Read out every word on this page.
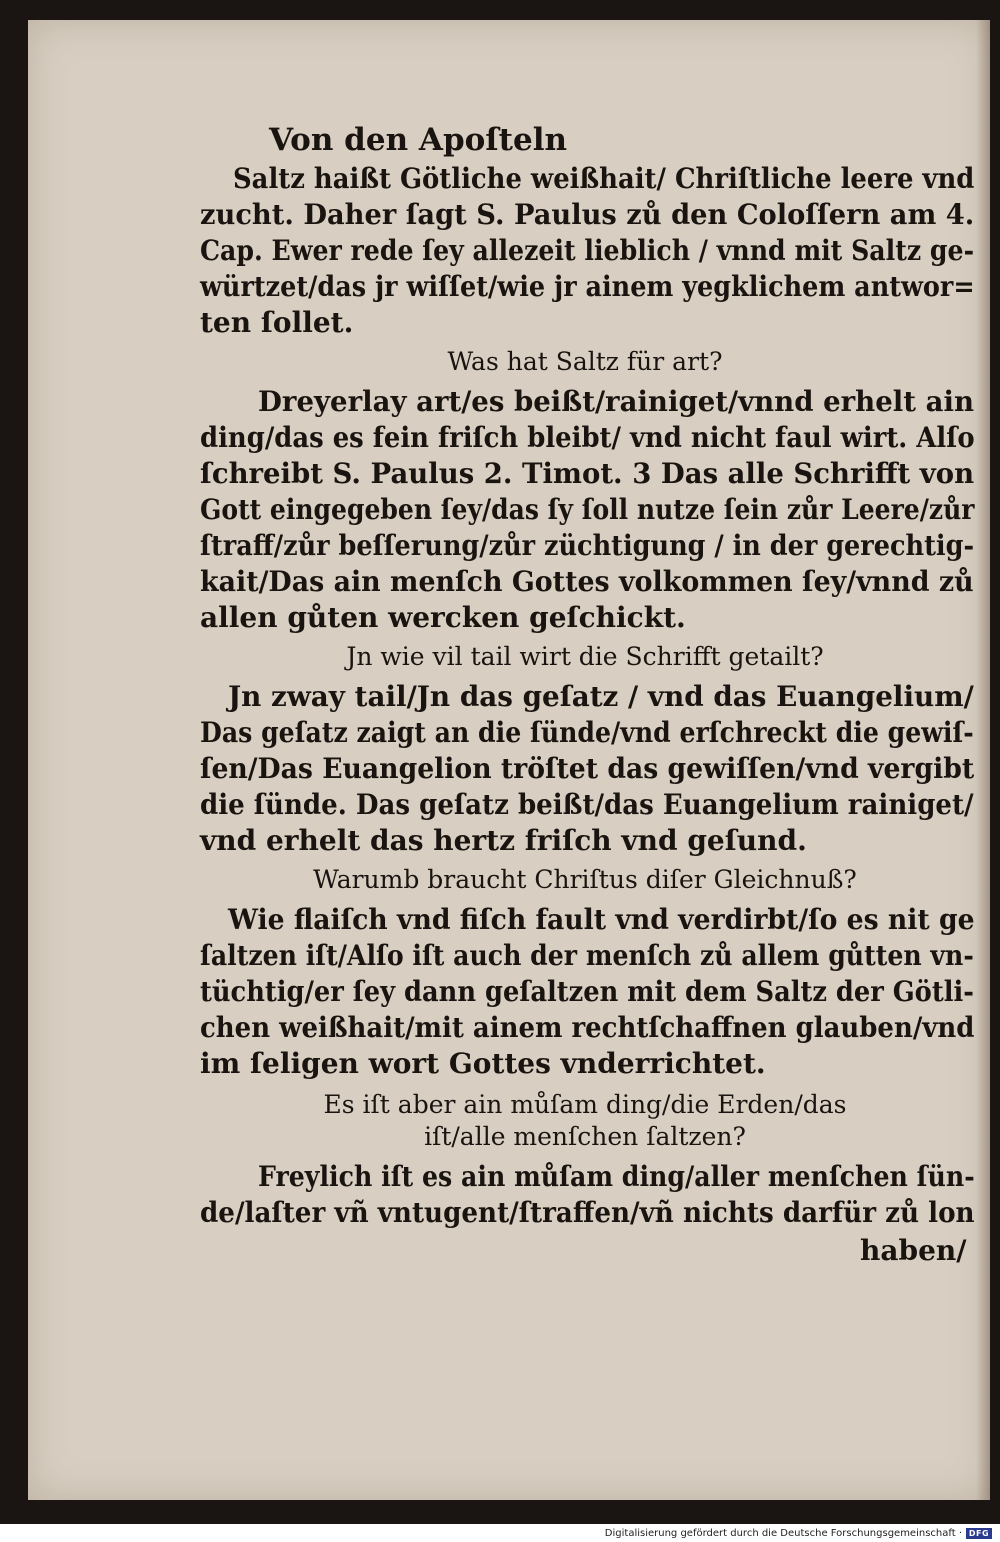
Von den Apoſteln
Saltz haißt Götliche weißhait/ Chriſtliche leere vnd
zucht. Daher ſagt S. Paulus zů den Coloſſern am 4.
Cap. Ewer rede ſey allezeit lieblich / vnnd mit Saltz ge-
würtzet/das jr wiſſet/wie jr ainem yegklichem antwor=
ten ſollet.
Was hat Saltz für art?
Dreyerlay art/es beißt/rainiget/vnnd erhelt ain
ding/das es fein friſch bleibt/ vnd nicht faul wirt. Alſo
ſchreibt S. Paulus 2. Timot. 3 Das alle Schrifft von
Gott eingegeben ſey/das ſy ſoll nutze ſein zůr Leere/zůr
ſtraff/zůr beſſerung/zůr züchtigung / in der gerechtig-
kait/Das ain menſch Gottes volkommen ſey/vnnd zů
allen gůten wercken geſchickt.
Jn wie vil tail wirt die Schrifft getailt?
Jn zway tail/Jn das geſatz / vnd das Euangelium/
Das geſatz zaigt an die ſünde/vnd erſchreckt die gewiſ-
ſen/Das Euangelion tröſtet das gewiſſen/vnd vergibt
die ſünde. Das geſatz beißt/das Euangelium rainiget/
vnd erhelt das hertz friſch vnd geſund.
Warumb braucht Chriſtus diſer Gleichnuß?
Wie flaiſch vnd fiſch fault vnd verdirbt/ſo es nit ge
ſaltzen iſt/Alſo iſt auch der menſch zů allem gůtten vn-
tüchtig/er ſey dann geſaltzen mit dem Saltz der Götli-
chen weißhait/mit ainem rechtſchaffnen glauben/vnd
im ſeligen wort Gottes vnderrichtet.
Es iſt aber ain můſam ding/die Erden/das
iſt/alle menſchen ſaltzen?
Freylich iſt es ain můſam ding/aller menſchen ſün-
de/laſter vñ vntugent/ſtraffen/vñ nichts darfür zů lon
haben/
Digitalisierung gefördert durch die Deutsche Forschungsgemeinschaft · DFG
